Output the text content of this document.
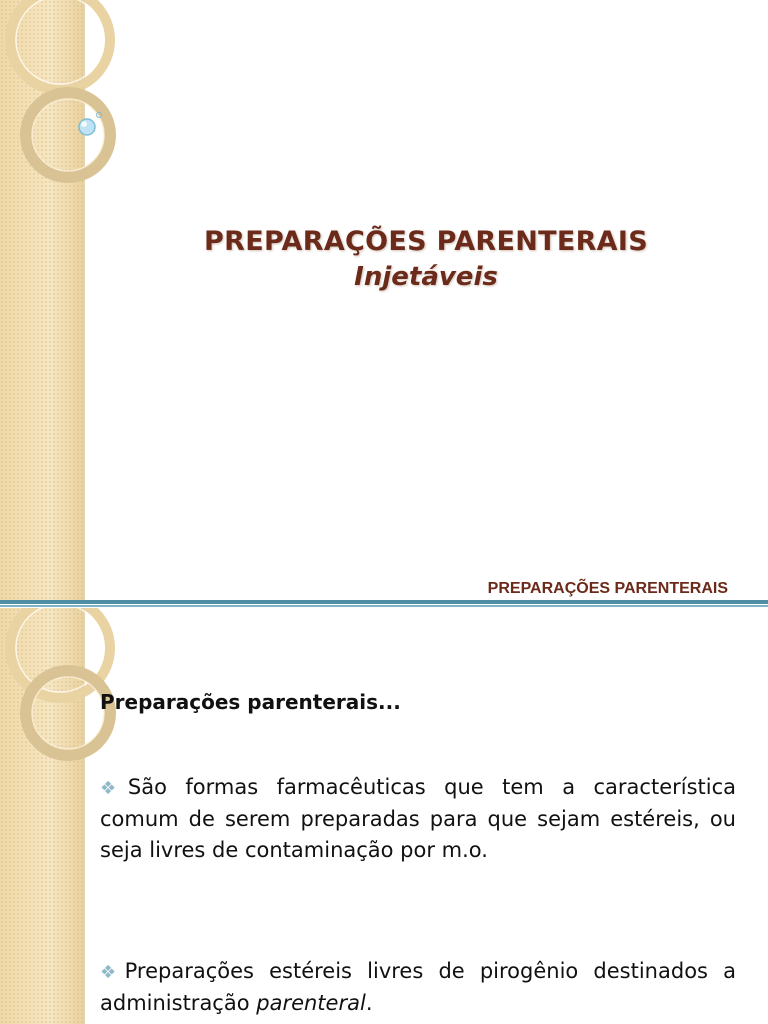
PREPARAÇÕES PARENTERAIS
Injetáveis
PREPARAÇÕES PARENTERAIS
Preparações parenterais...
❖São formas farmacêuticas que tem a característica comum de serem preparadas para que sejam estéreis, ou seja livres de contaminação por m.o.
❖Preparações estéreis livres de pirogênio destinados a administração parenteral.
